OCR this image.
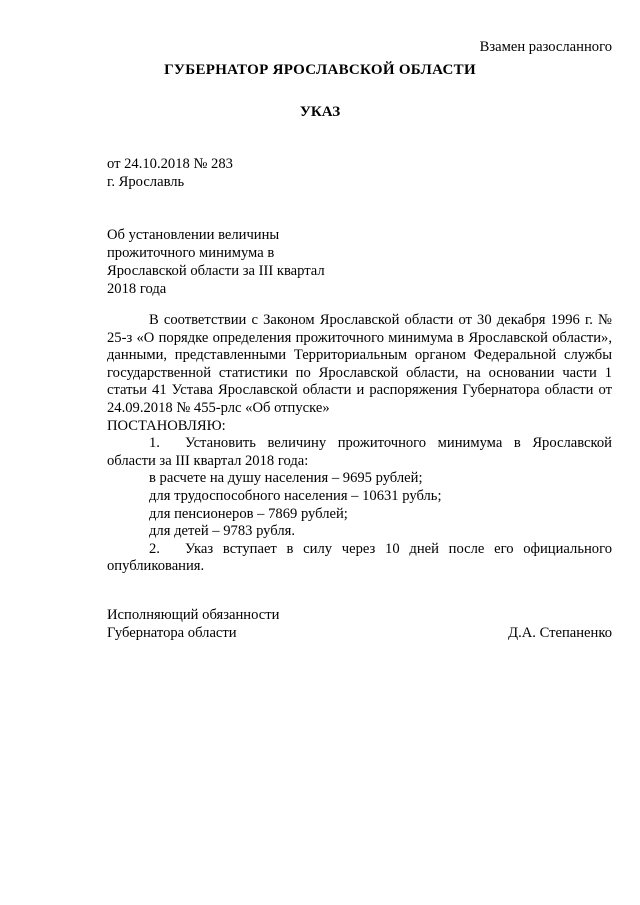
Взамен разосланного
ГУБЕРНАТОР ЯРОСЛАВСКОЙ ОБЛАСТИ
УКАЗ
от 24.10.2018 № 283
г. Ярославль
Об установлении величины
прожиточного минимума в
Ярославской области за III квартал
2018 года

В соответствии с Законом Ярославской области от 30 декабря 1996 г. № 25-з «О порядке определения прожиточного минимума в Ярославской области», данными, представленными Территориальным органом Федеральной службы государственной статистики по Ярославской области, на основании части 1 статьи 41 Устава Ярославской области и распоряжения Губернатора области от 24.09.2018 № 455-рлс «Об отпуске»

ПОСТАНОВЛЯЮ:

1. Установить величину прожиточного минимума в Ярославской области за III квартал 2018 года:

в расчете на душу населения – 9695 рублей;

для трудоспособного населения – 10631 рубль;

для пенсионеров – 7869 рублей;

для детей – 9783 рубля.

2. Указ вступает в силу через 10 дней после его официального опубликования.

Исполняющий обязанности
Губернатора области	Д.А. Степаненко
